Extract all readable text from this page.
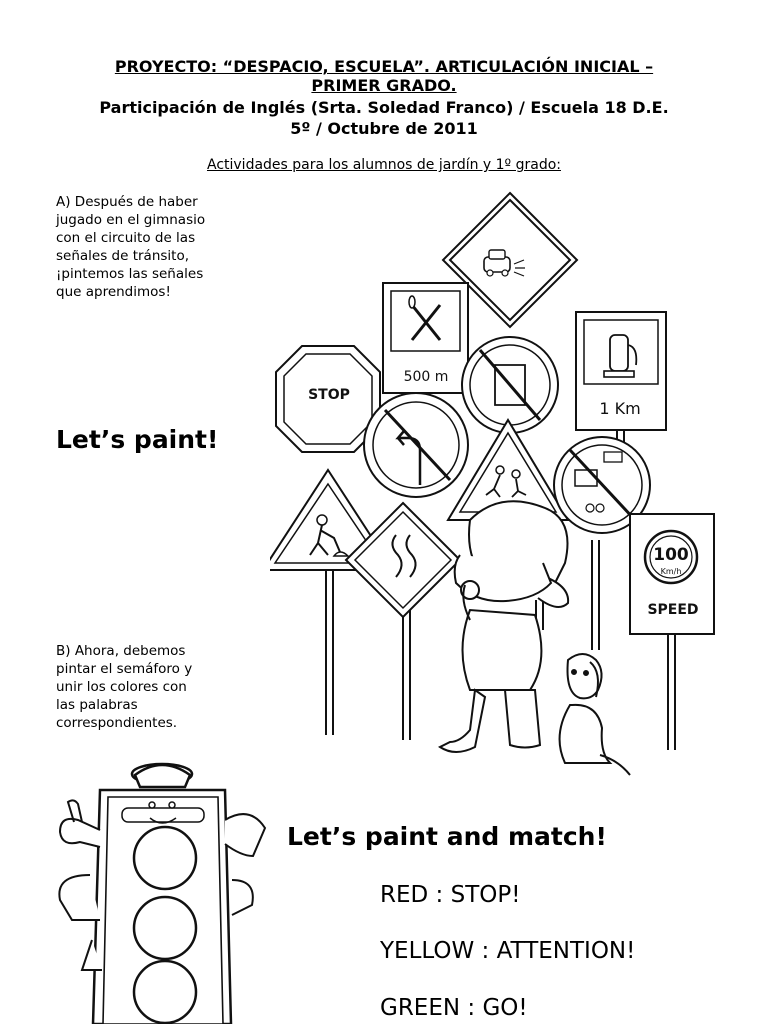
PROYECTO: “DESPACIO, ESCUELA”. ARTICULACIÓN INICIAL –
PRIMER GRADO.
Participación de Inglés (Srta. Soledad Franco) / Escuela 18 D.E.
5º / Octubre de 2011
Actividades para los alumnos de jardín y 1º grado:
A) Después de haber
jugado en el gimnasio
con el circuito de las
señales de tránsito,
¡pintemos las señales
que aprendimos!
Let’s paint!
B) Ahora, debemos
pintar el semáforo y
unir los colores con
las palabras
correspondientes.
Let’s paint and match!
RED : STOP!
YELLOW : ATTENTION!
GREEN : GO!
500 m
1 Km
STOP
100
Km/h
SPEED
